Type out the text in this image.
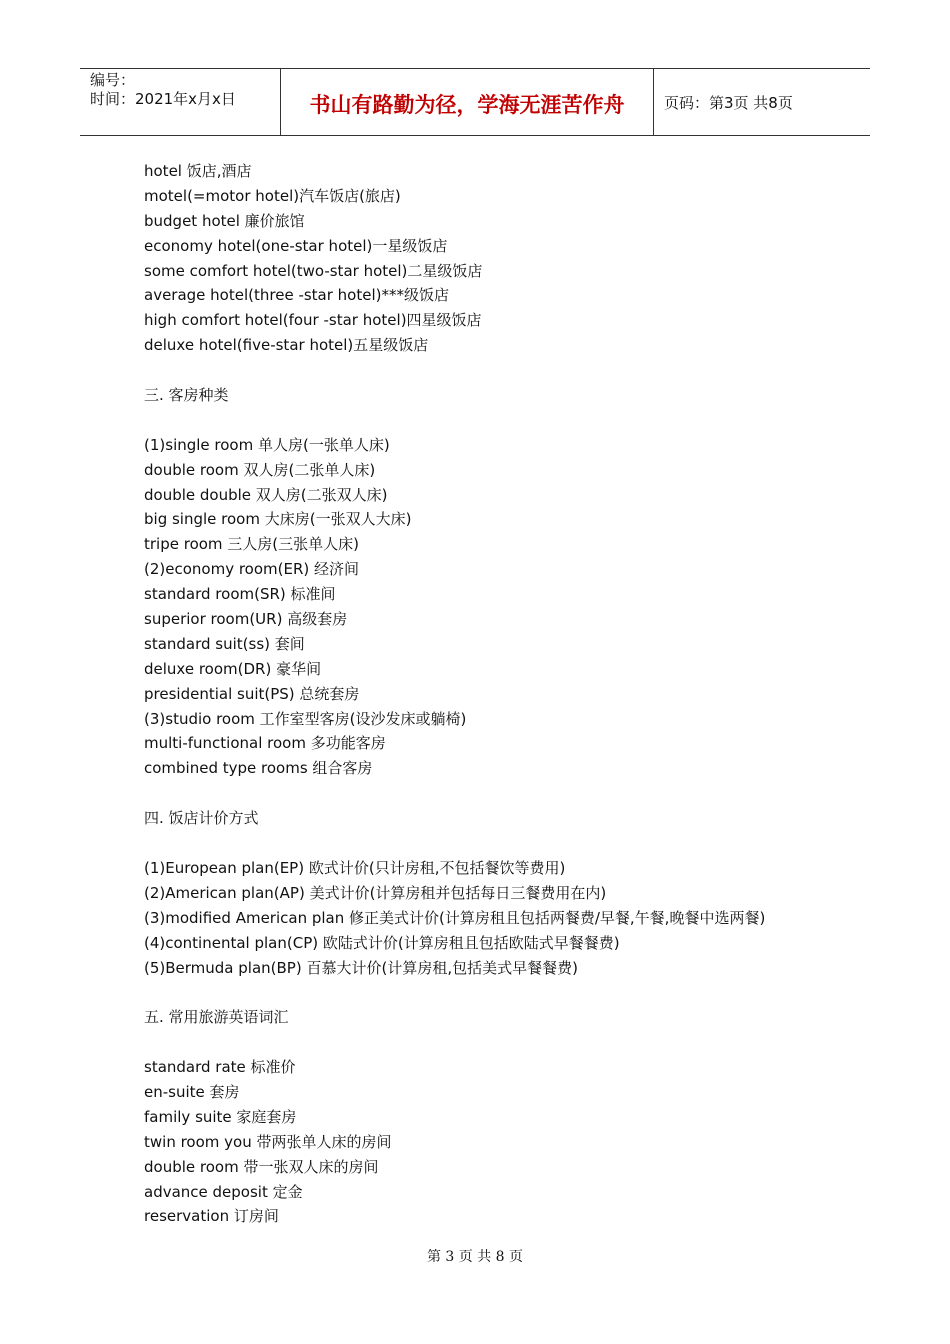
编号：
时间：2021年x月x日	书山有路勤为径，学海无涯苦作舟	页码：第3页 共8页
hotel 饭店,酒店
motel(=motor hotel)汽车饭店(旅店)
budget hotel 廉价旅馆
economy hotel(one-star hotel)一星级饭店
some comfort hotel(two-star hotel)二星级饭店
average hotel(three -star hotel)***级饭店
high comfort hotel(four -star hotel)四星级饭店
deluxe hotel(five-star hotel)五星级饭店
三. 客房种类
(1)single room 单人房(一张单人床)
double room 双人房(二张单人床)
double double 双人房(二张双人床)
big single room 大床房(一张双人大床)
tripe room 三人房(三张单人床)
(2)economy room(ER) 经济间
standard room(SR) 标准间
superior room(UR) 高级套房
standard suit(ss) 套间
deluxe room(DR) 豪华间
presidential suit(PS) 总统套房
(3)studio room 工作室型客房(设沙发床或躺椅)
multi-functional room 多功能客房
combined type rooms 组合客房
四. 饭店计价方式
(1)European plan(EP) 欧式计价(只计房租,不包括餐饮等费用)
(2)American plan(AP) 美式计价(计算房租并包括每日三餐费用在内)
(3)modified American plan 修正美式计价(计算房租且包括两餐费/早餐,午餐,晚餐中选两餐)
(4)continental plan(CP) 欧陆式计价(计算房租且包括欧陆式早餐餐费)
(5)Bermuda plan(BP) 百慕大计价(计算房租,包括美式早餐餐费)
五. 常用旅游英语词汇
standard rate 标准价
en-suite 套房
family suite 家庭套房
twin room you 带两张单人床的房间
double room 带一张双人床的房间
advance deposit 定金
reservation 订房间
第 3 页 共 8 页
